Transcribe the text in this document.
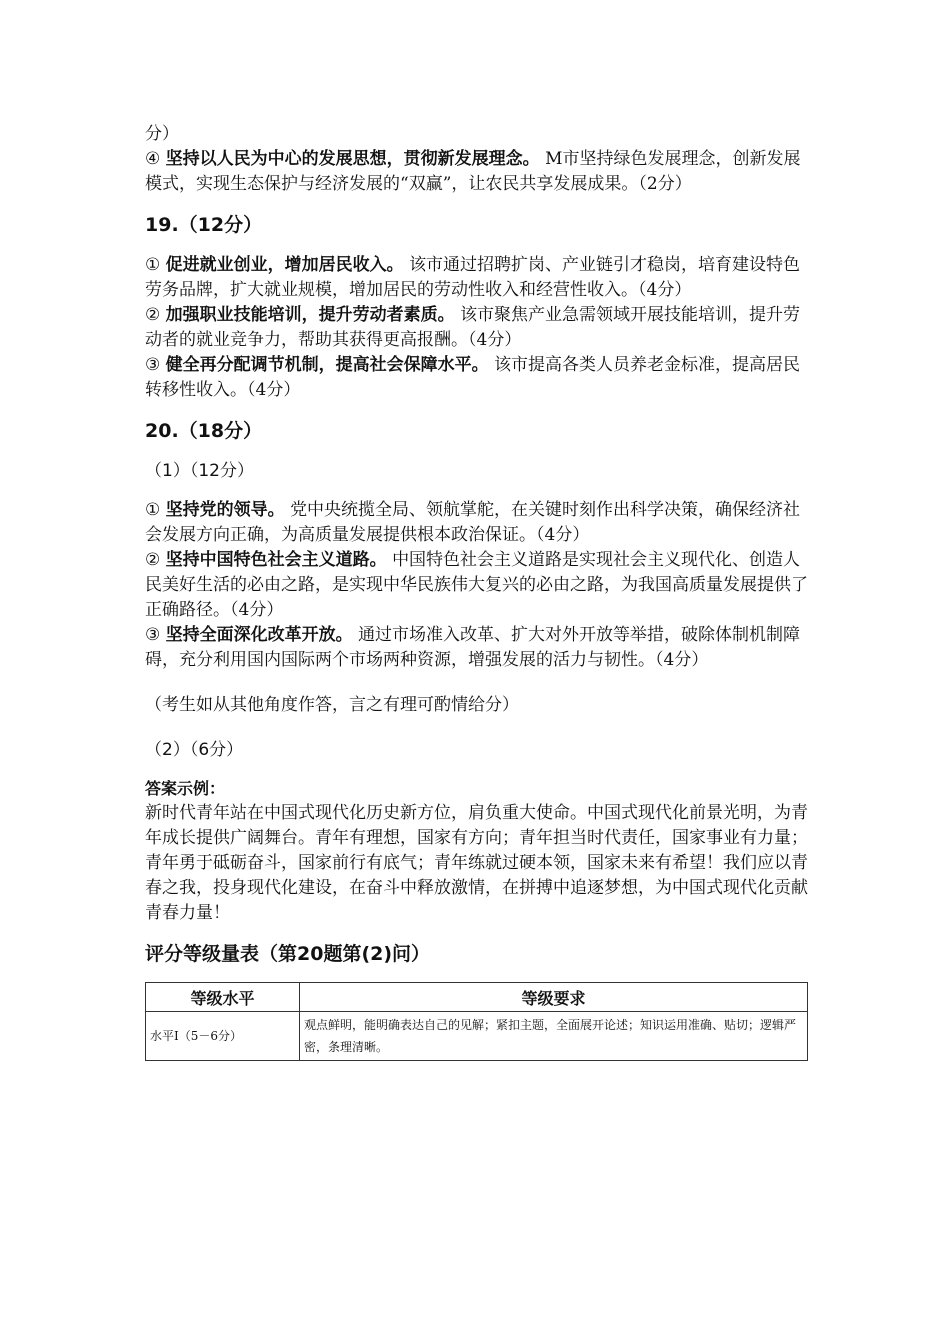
分）

④ 坚持以人民为中心的发展思想，贯彻新发展理念。 M市坚持绿色发展理念，创新发展模式，实现生态保护与经济发展的“双赢”，让农民共享发展成果。（2分）

19.（12分）

① 促进就业创业，增加居民收入。 该市通过招聘扩岗、产业链引才稳岗，培育建设特色劳务品牌，扩大就业规模，增加居民的劳动性收入和经营性收入。（4分）

② 加强职业技能培训，提升劳动者素质。 该市聚焦产业急需领域开展技能培训，提升劳动者的就业竞争力，帮助其获得更高报酬。（4分）

③ 健全再分配调节机制，提高社会保障水平。 该市提高各类人员养老金标准，提高居民转移性收入。（4分）

20.（18分）

（1）（12分）

① 坚持党的领导。 党中央统揽全局、领航掌舵，在关键时刻作出科学决策，确保经济社会发展方向正确，为高质量发展提供根本政治保证。（4分）

② 坚持中国特色社会主义道路。 中国特色社会主义道路是实现社会主义现代化、创造人民美好生活的必由之路，是实现中华民族伟大复兴的必由之路，为我国高质量发展提供了正确路径。（4分）

③ 坚持全面深化改革开放。 通过市场准入改革、扩大对外开放等举措，破除体制机制障碍，充分利用国内国际两个市场两种资源，增强发展的活力与韧性。（4分）

（考生如从其他角度作答，言之有理可酌情给分）

（2）（6分）

答案示例：

新时代青年站在中国式现代化历史新方位，肩负重大使命。中国式现代化前景光明，为青年成长提供广阔舞台。青年有理想，国家有方向；青年担当时代责任，国家事业有力量；青年勇于砥砺奋斗，国家前行有底气；青年练就过硬本领，国家未来有希望！我们应以青春之我，投身现代化建设，在奋斗中释放激情，在拼搏中追逐梦想，为中国式现代化贡献青春力量！

评分等级量表（第20题第(2)问）

等级水平	等级要求
水平Ⅰ（5－6分）	观点鲜明，能明确表达自己的见解；紧扣主题，全面展开论述；知识运用准确、贴切；逻辑严密，条理清晰。
